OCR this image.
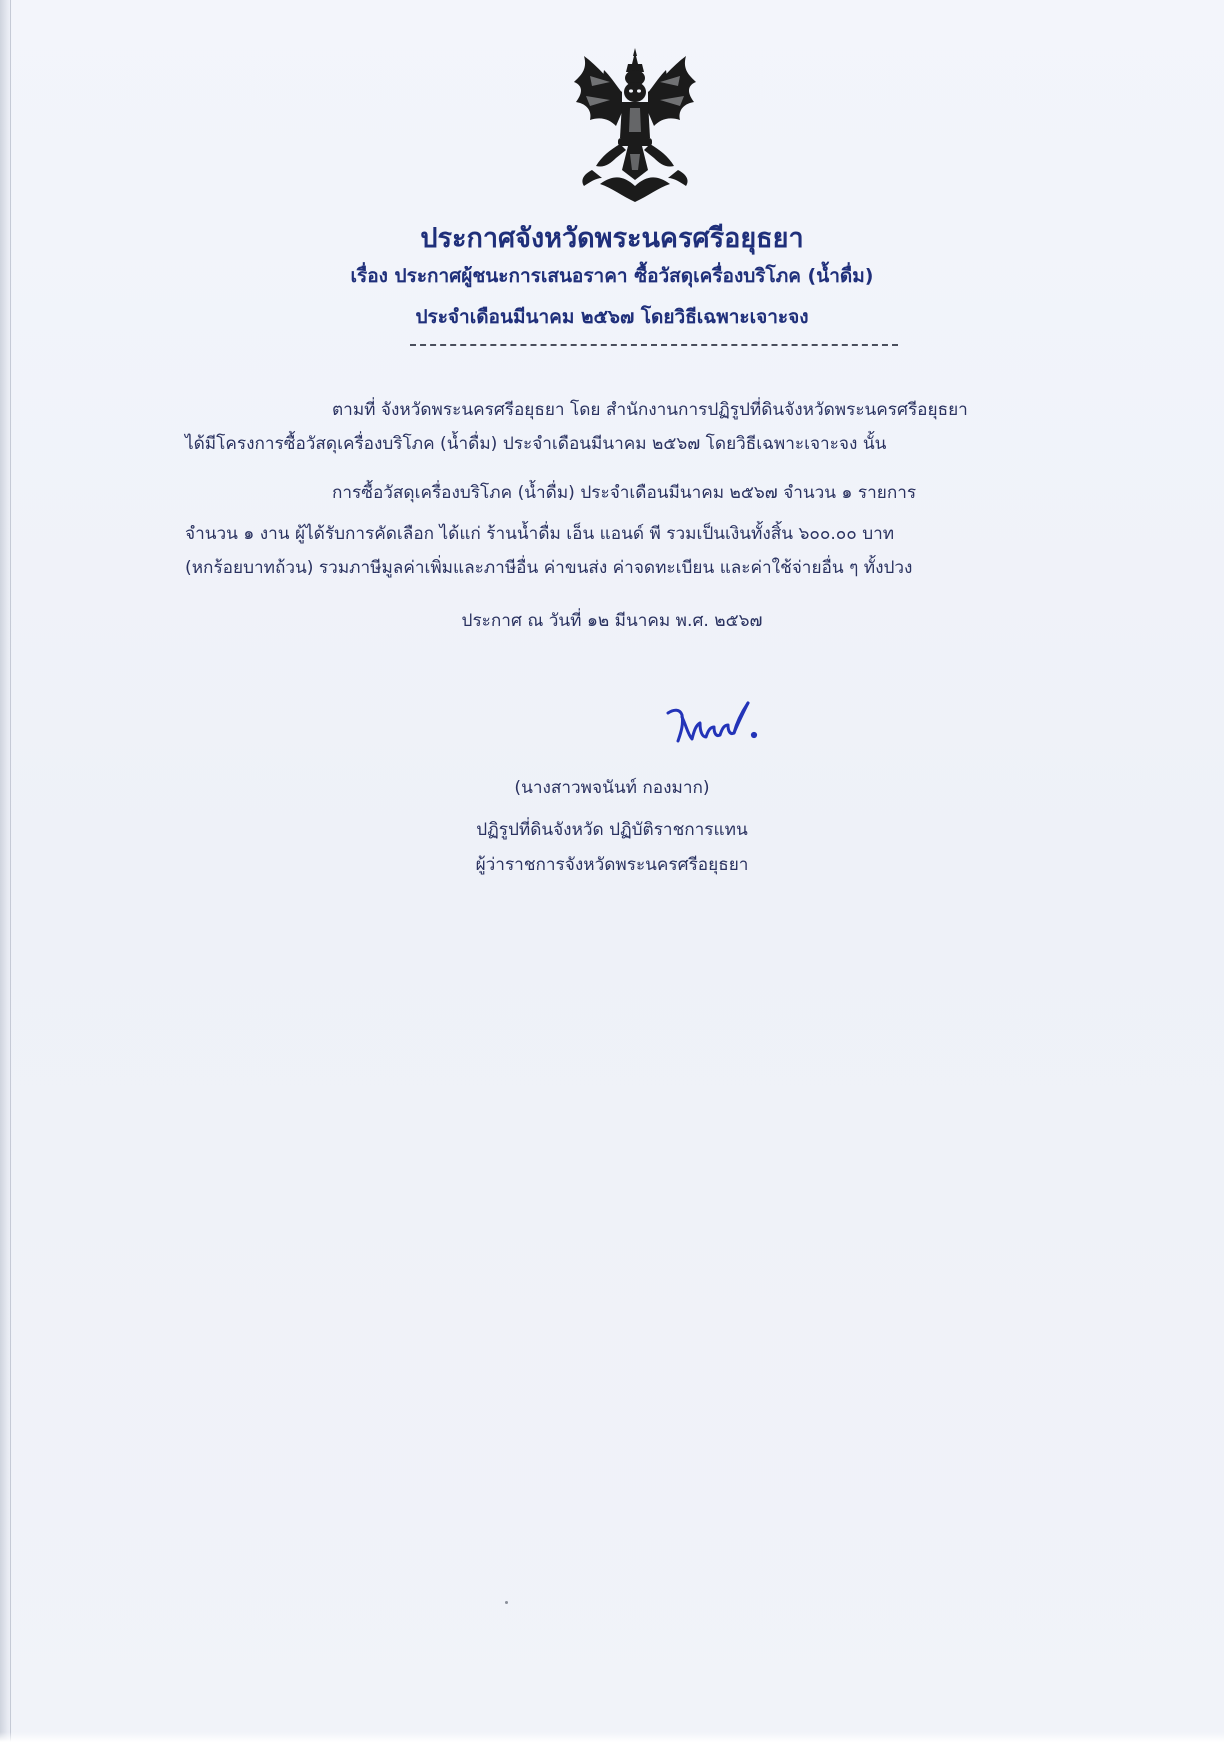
ประกาศจังหวัดพระนครศรีอยุธยา
เรื่อง ประกาศผู้ชนะการเสนอราคา ซื้อวัสดุเครื่องบริโภค (น้ำดื่ม)
ประจำเดือนมีนาคม ๒๕๖๗ โดยวิธีเฉพาะเจาะจง
ตามที่ จังหวัดพระนครศรีอยุธยา โดย สำนักงานการปฏิรูปที่ดินจังหวัดพระนครศรีอยุธยา
ได้มีโครงการซื้อวัสดุเครื่องบริโภค (น้ำดื่ม) ประจำเดือนมีนาคม ๒๕๖๗ โดยวิธีเฉพาะเจาะจง นั้น
การซื้อวัสดุเครื่องบริโภค (น้ำดื่ม) ประจำเดือนมีนาคม ๒๕๖๗ จำนวน ๑ รายการ
จำนวน ๑ งาน ผู้ได้รับการคัดเลือก ได้แก่ ร้านน้ำดื่ม เอ็น แอนด์ พี รวมเป็นเงินทั้งสิ้น ๖๐๐.๐๐ บาท
(หกร้อยบาทถ้วน) รวมภาษีมูลค่าเพิ่มและภาษีอื่น ค่าขนส่ง ค่าจดทะเบียน และค่าใช้จ่ายอื่น ๆ ทั้งปวง
ประกาศ ณ วันที่ ๑๒ มีนาคม พ.ศ. ๒๕๖๗
(นางสาวพจนันท์ กองมาก)
ปฏิรูปที่ดินจังหวัด ปฏิบัติราชการแทน
ผู้ว่าราชการจังหวัดพระนครศรีอยุธยา
